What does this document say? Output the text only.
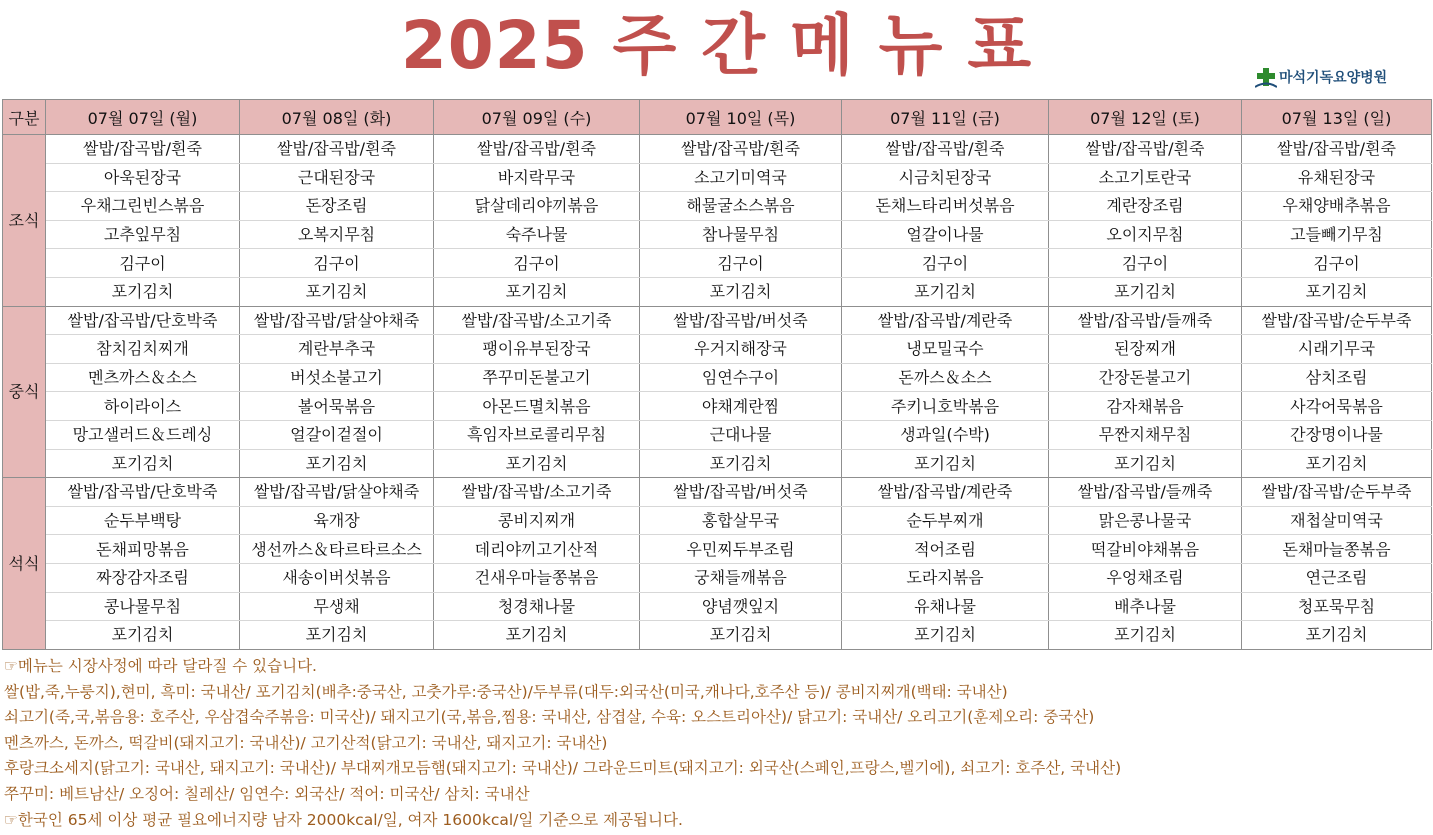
2025 주 간 메 뉴 표	마석기독요양병원
구분	07월 07일 (월)	07월 08일 (화)	07월 09일 (수)	07월 10일 (목)	07월 11일 (금)	07월 12일 (토)	07월 13일 (일)
조식	쌀밥/잡곡밥/흰죽	쌀밥/잡곡밥/흰죽	쌀밥/잡곡밥/흰죽	쌀밥/잡곡밥/흰죽	쌀밥/잡곡밥/흰죽	쌀밥/잡곡밥/흰죽	쌀밥/잡곡밥/흰죽
	아욱된장국	근대된장국	바지락무국	소고기미역국	시금치된장국	소고기토란국	유채된장국
	우채그린빈스볶음	돈장조림	닭살데리야끼볶음	해물굴소스볶음	돈채느타리버섯볶음	계란장조림	우채양배추볶음
	고추잎무침	오복지무침	숙주나물	참나물무침	얼갈이나물	오이지무침	고들빼기무침
	김구이	김구이	김구이	김구이	김구이	김구이	김구이
	포기김치	포기김치	포기김치	포기김치	포기김치	포기김치	포기김치
중식	쌀밥/잡곡밥/단호박죽	쌀밥/잡곡밥/닭살야채죽	쌀밥/잡곡밥/소고기죽	쌀밥/잡곡밥/버섯죽	쌀밥/잡곡밥/계란죽	쌀밥/잡곡밥/들깨죽	쌀밥/잡곡밥/순두부죽
	참치김치찌개	계란부추국	팽이유부된장국	우거지해장국	냉모밀국수	된장찌개	시래기무국
	멘츠까스＆소스	버섯소불고기	쭈꾸미돈불고기	임연수구이	돈까스＆소스	간장돈불고기	삼치조림
	하이라이스	볼어묵볶음	아몬드멸치볶음	야채계란찜	주키니호박볶음	감자채볶음	사각어묵볶음
	망고샐러드＆드레싱	얼갈이겉절이	흑임자브로콜리무침	근대나물	생과일(수박)	무짠지채무침	간장명이나물
	포기김치	포기김치	포기김치	포기김치	포기김치	포기김치	포기김치
석식	쌀밥/잡곡밥/단호박죽	쌀밥/잡곡밥/닭살야채죽	쌀밥/잡곡밥/소고기죽	쌀밥/잡곡밥/버섯죽	쌀밥/잡곡밥/계란죽	쌀밥/잡곡밥/들깨죽	쌀밥/잡곡밥/순두부죽
	순두부백탕	육개장	콩비지찌개	홍합살무국	순두부찌개	맑은콩나물국	재첩살미역국
	돈채피망볶음	생선까스＆타르타르소스	데리야끼고기산적	우민찌두부조림	적어조림	떡갈비야채볶음	돈채마늘쫑볶음
	짜장감자조림	새송이버섯볶음	건새우마늘쫑볶음	궁채들깨볶음	도라지볶음	우엉채조림	연근조림
	콩나물무침	무생채	청경채나물	양념깻잎지	유채나물	배추나물	청포묵무침
	포기김치	포기김치	포기김치	포기김치	포기김치	포기김치	포기김치
☞메뉴는 시장사정에 따라 달라질 수 있습니다.
쌀(밥,죽,누룽지),현미, 흑미: 국내산/ 포기김치(배추:중국산, 고춧가루:중국산)/두부류(대두:외국산(미국,캐나다,호주산 등)/ 콩비지찌개(백태: 국내산)
쇠고기(죽,국,볶음용: 호주산, 우삼겹숙주볶음: 미국산)/ 돼지고기(국,볶음,찜용: 국내산, 삼겹살, 수육: 오스트리아산)/ 닭고기: 국내산/ 오리고기(훈제오리: 중국산)
멘츠까스, 돈까스, 떡갈비(돼지고기: 국내산)/ 고기산적(닭고기: 국내산, 돼지고기: 국내산)
후랑크소세지(닭고기: 국내산, 돼지고기: 국내산)/ 부대찌개모듬햄(돼지고기: 국내산)/ 그라운드미트(돼지고기: 외국산(스페인,프랑스,벨기에), 쇠고기: 호주산, 국내산)
쭈꾸미: 베트남산/ 오징어: 칠레산/ 임연수: 외국산/ 적어: 미국산/ 삼치: 국내산
☞한국인 65세 이상 평균 필요에너지량 남자 2000kcal/일, 여자 1600kcal/일 기준으로 제공됩니다.
